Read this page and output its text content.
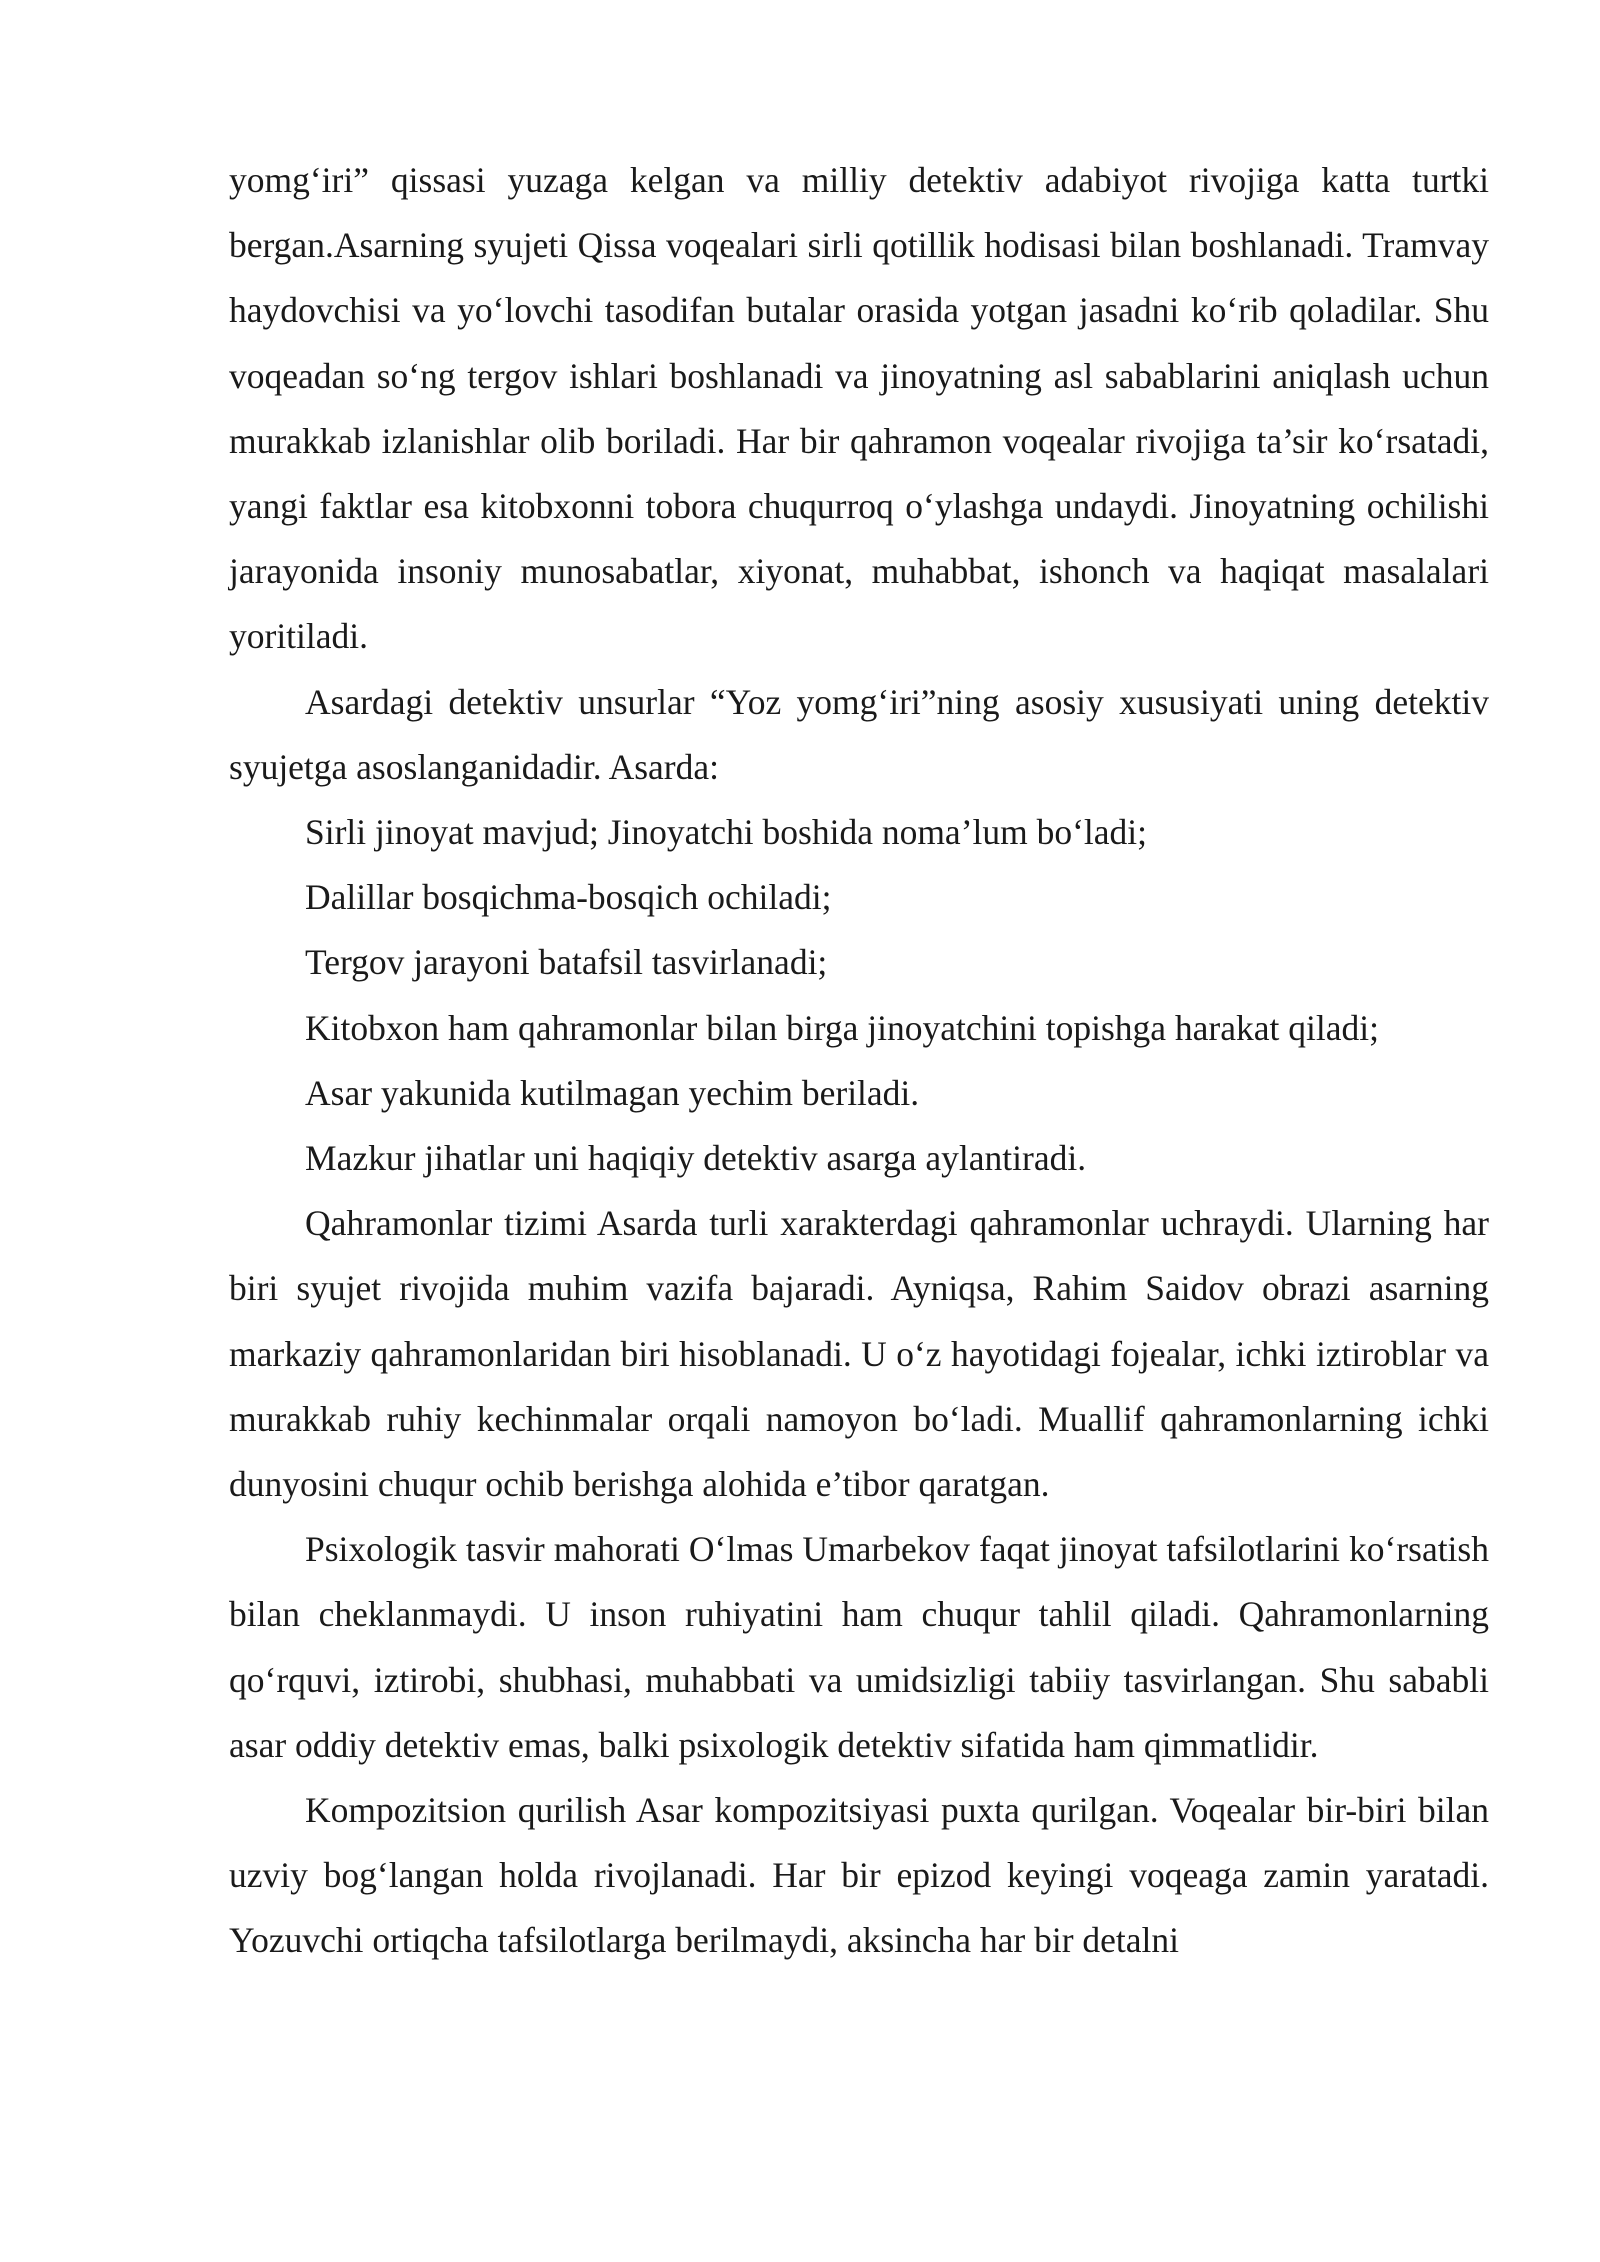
yomg‘iri” qissasi yuzaga kelgan va milliy detektiv adabiyot rivojiga katta turtki bergan.Asarning syujeti Qissa voqealari sirli qotillik hodisasi bilan boshlanadi. Tramvay haydovchisi va yo‘lovchi tasodifan butalar orasida yotgan jasadni ko‘rib qoladilar. Shu voqeadan so‘ng tergov ishlari boshlanadi va jinoyatning asl sabablarini aniqlash uchun murakkab izlanishlar olib boriladi. Har bir qahramon voqealar rivojiga ta’sir ko‘rsatadi, yangi faktlar esa kitobxonni tobora chuqurroq o‘ylashga undaydi. Jinoyatning ochilishi jarayonida insoniy munosabatlar, xiyonat, muhabbat, ishonch va haqiqat masalalari yoritiladi.

Asardagi detektiv unsurlar “Yoz yomg‘iri”ning asosiy xususiyati uning detektiv syujetga asoslanganidadir. Asarda:

Sirli jinoyat mavjud; Jinoyatchi boshida noma’lum bo‘ladi;

Dalillar bosqichma-bosqich ochiladi;

Tergov jarayoni batafsil tasvirlanadi;

Kitobxon ham qahramonlar bilan birga jinoyatchini topishga harakat qiladi;

Asar yakunida kutilmagan yechim beriladi.

Mazkur jihatlar uni haqiqiy detektiv asarga aylantiradi.

Qahramonlar tizimi Asarda turli xarakterdagi qahramonlar uchraydi. Ularning har biri syujet rivojida muhim vazifa bajaradi. Ayniqsa, Rahim Saidov obrazi asarning markaziy qahramonlaridan biri hisoblanadi. U o‘z hayotidagi fojealar, ichki iztiroblar va murakkab ruhiy kechinmalar orqali namoyon bo‘ladi. Muallif qahramonlarning ichki dunyosini chuqur ochib berishga alohida e’tibor qaratgan.

Psixologik tasvir mahorati O‘lmas Umarbekov faqat jinoyat tafsilotlarini ko‘rsatish bilan cheklanmaydi. U inson ruhiyatini ham chuqur tahlil qiladi. Qahramonlarning qo‘rquvi, iztirobi, shubhasi, muhabbati va umidsizligi tabiiy tasvirlangan. Shu sababli asar oddiy detektiv emas, balki psixologik detektiv sifatida ham qimmatlidir.

Kompozitsion qurilish Asar kompozitsiyasi puxta qurilgan. Voqealar bir-biri bilan uzviy bog‘langan holda rivojlanadi. Har bir epizod keyingi voqeaga zamin yaratadi. Yozuvchi ortiqcha tafsilotlarga berilmaydi, aksincha har bir detalni
